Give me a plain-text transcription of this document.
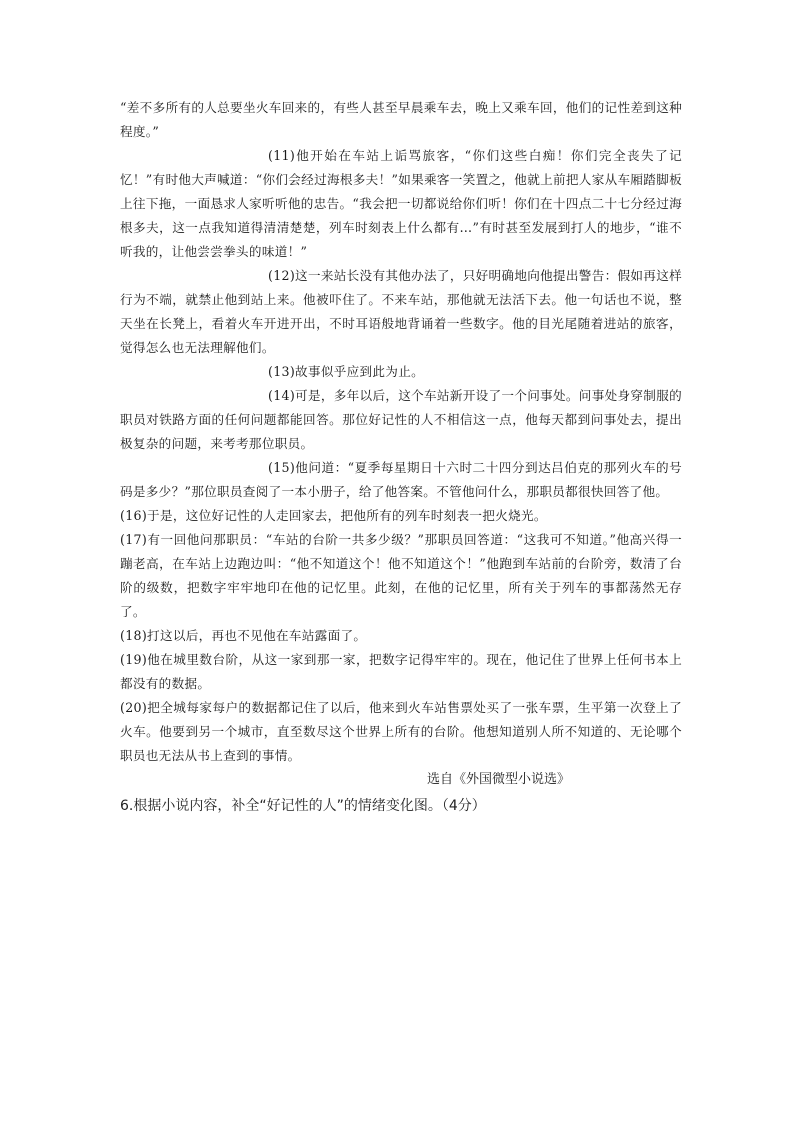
“差不多所有的人总要坐火车回来的，有些人甚至早晨乘车去，晚上又乘车回，他们的记性差到这种程度。”

(11)他开始在车站上诟骂旅客，“你们这些白痴！你们完全丧失了记忆！”有时他大声喊道：“你们会经过海根多夫！”如果乘客一笑置之，他就上前把人家从车厢踏脚板上往下拖，一面恳求人家听听他的忠告。“我会把一切都说给你们听！你们在十四点二十七分经过海根多夫，这一点我知道得清清楚楚，列车时刻表上什么都有…”有时甚至发展到打人的地步，“谁不听我的，让他尝尝拳头的味道！”

(12)这一来站长没有其他办法了，只好明确地向他提出警告：假如再这样行为不端，就禁止他到站上来。他被吓住了。不来车站，那他就无法活下去。他一句话也不说，整天坐在长凳上，看着火车开进开出，不时耳语般地背诵着一些数字。他的目光尾随着进站的旅客，觉得怎么也无法理解他们。

(13)故事似乎应到此为止。

(14)可是，多年以后，这个车站新开设了一个问事处。问事处身穿制服的职员对铁路方面的任何问题都能回答。那位好记性的人不相信这一点，他每天都到问事处去，提出极复杂的问题，来考考那位职员。

(15)他问道：“夏季每星期日十六时二十四分到达吕伯克的那列火车的号码是多少？”那位职员查阅了一本小册子，给了他答案。不管他问什么，那职员都很快回答了他。

(16)于是，这位好记性的人走回家去，把他所有的列车时刻表一把火烧光。

(17)有一回他问那职员：“车站的台阶一共多少级？”那职员回答道：“这我可不知道。”他高兴得一蹦老高，在车站上边跑边叫：“他不知道这个！他不知道这个！”他跑到车站前的台阶旁，数清了台阶的级数，把数字牢牢地印在他的记忆里。此刻，在他的记忆里，所有关于列车的事都荡然无存了。

(18)打这以后，再也不见他在车站露面了。

(19)他在城里数台阶，从这一家到那一家，把数字记得牢牢的。现在，他记住了世界上任何书本上都没有的数据。

(20)把全城每家每户的数据都记住了以后，他来到火车站售票处买了一张车票，生平第一次登上了火车。他要到另一个城市，直至数尽这个世界上所有的台阶。他想知道别人所不知道的、无论哪个职员也无法从书上查到的事情。

选自《外国微型小说选》

6.根据小说内容，补全“好记性的人”的情绪变化图。（4分）
